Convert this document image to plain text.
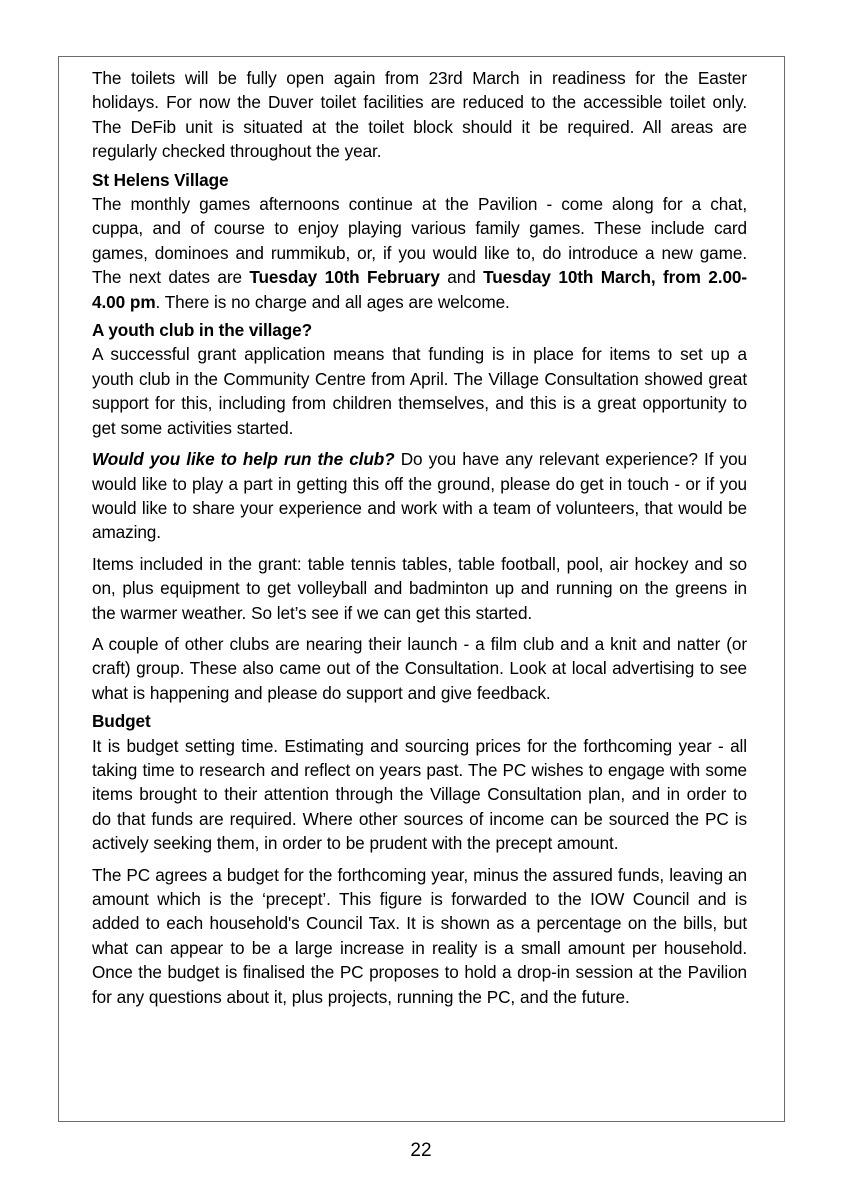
The toilets will be fully open again from 23rd March in readiness for the Easter holidays. For now the Duver toilet facilities are reduced to the accessible toilet only. The DeFib unit is situated at the toilet block should it be required. All areas are regularly checked throughout the year.

St Helens Village

The monthly games afternoons continue at the Pavilion - come along for a chat, cuppa, and of course to enjoy playing various family games. These include card games, dominoes and rummikub, or, if you would like to, do introduce a new game. The next dates are Tuesday 10th February and Tuesday 10th March, from 2.00-4.00 pm. There is no charge and all ages are welcome.

A youth club in the village?

A successful grant application means that funding is in place for items to set up a youth club in the Community Centre from April. The Village Consultation showed great support for this, including from children themselves, and this is a great opportunity to get some activities started.

Would you like to help run the club? Do you have any relevant experience? If you would like to play a part in getting this off the ground, please do get in touch - or if you would like to share your experience and work with a team of volunteers, that would be amazing.

Items included in the grant: table tennis tables, table football, pool, air hockey and so on, plus equipment to get volleyball and badminton up and running on the greens in the warmer weather. So let’s see if we can get this started.

A couple of other clubs are nearing their launch - a film club and a knit and natter (or craft) group. These also came out of the Consultation. Look at local advertising to see what is happening and please do support and give feedback.

Budget

It is budget setting time. Estimating and sourcing prices for the forthcoming year - all taking time to research and reflect on years past. The PC wishes to engage with some items brought to their attention through the Village Consultation plan, and in order to do that funds are required. Where other sources of income can be sourced the PC is actively seeking them, in order to be prudent with the precept amount.

The PC agrees a budget for the forthcoming year, minus the assured funds, leaving an amount which is the ‘precept’. This figure is forwarded to the IOW Council and is added to each household's Council Tax. It is shown as a percentage on the bills, but what can appear to be a large increase in reality is a small amount per household. Once the budget is finalised the PC proposes to hold a drop-in session at the Pavilion for any questions about it, plus projects, running the PC, and the future.

22
